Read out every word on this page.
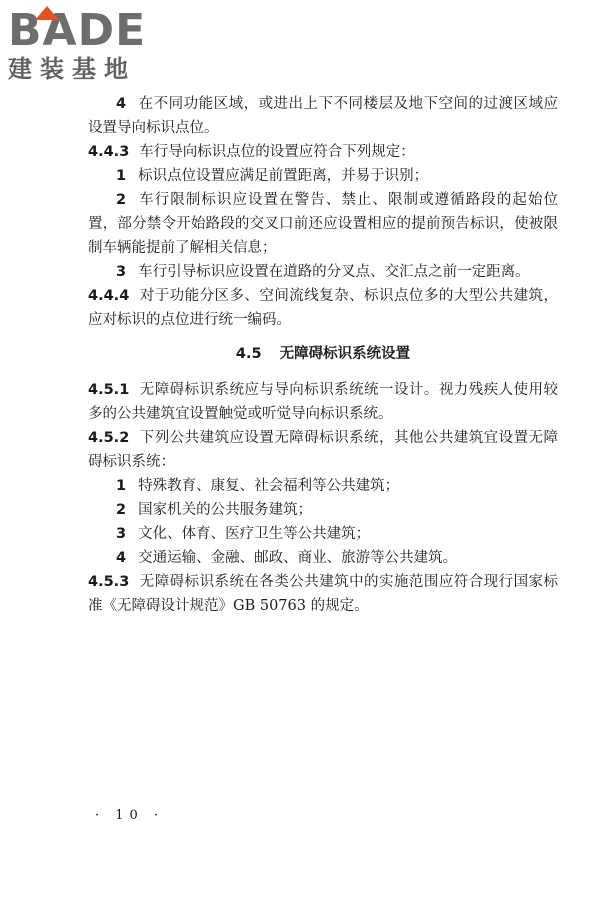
BADE
建装基地

4 在不同功能区域，或进出上下不同楼层及地下空间的过渡区域应设置导向标识点位。

4.4.3 车行导向标识点位的设置应符合下列规定：

1 标识点位设置应满足前置距离，并易于识别；

2 车行限制标识应设置在警告、禁止、限制或遵循路段的起始位置，部分禁令开始路段的交叉口前还应设置相应的提前预告标识，使被限制车辆能提前了解相关信息；

3 车行引导标识应设置在道路的分叉点、交汇点之前一定距离。

4.4.4 对于功能分区多、空间流线复杂、标识点位多的大型公共建筑，应对标识的点位进行统一编码。

4.5 无障碍标识系统设置

4.5.1 无障碍标识系统应与导向标识系统统一设计。视力残疾人使用较多的公共建筑宜设置触觉或听觉导向标识系统。

4.5.2 下列公共建筑应设置无障碍标识系统，其他公共建筑宜设置无障碍标识系统：

1 特殊教育、康复、社会福利等公共建筑；

2 国家机关的公共服务建筑；

3 文化、体育、医疗卫生等公共建筑；

4 交通运输、金融、邮政、商业、旅游等公共建筑。

4.5.3 无障碍标识系统在各类公共建筑中的实施范围应符合现行国家标准《无障碍设计规范》GB 50763 的规定。

· 10 ·
